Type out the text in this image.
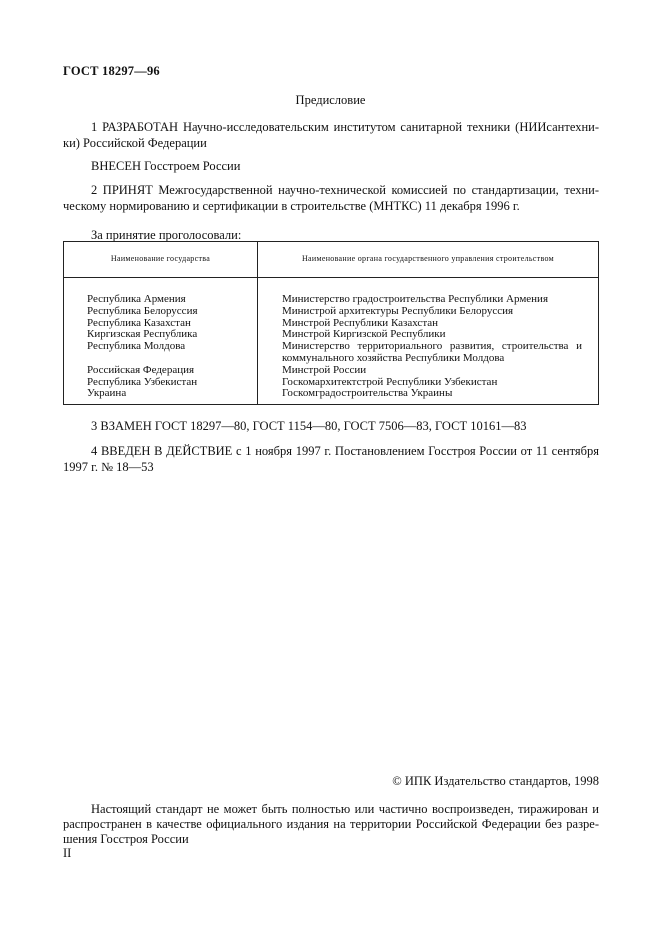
ГОСТ 18297—96
Предисловие
1 РАЗРАБОТАН Научно-исследовательским институтом санитарной техники (НИИсантехни-
ки) Российской Федерации
ВНЕСЕН Госстроем России
2 ПРИНЯТ Межгосударственной научно-технической комиссией по стандартизации, техни-
ческому нормированию и сертификации в строительстве (МНТКС) 11 декабря 1996 г.
За принятие проголосовали:
Наименование государства	Наименование органа государственного управления строительством
Республика Армения
Республика Белоруссия
Республика Казахстан
Киргизская Республика
Республика Молдова
Российская Федерация
Республика Узбекистан
Украина
Министерство градостроительства Республики Армения
Министрой архитектуры Республики Белоруссия
Минстрой Республики Казахстан
Минстрой Киргизской Республики
Министерство территориального развития, строительства и коммунального хозяйства Республики Молдова
Минстрой России
Госкомархитектстрой Республики Узбекистан
Госкомградостроительства Украины
3 ВЗАМЕН ГОСТ 18297—80, ГОСТ 1154—80, ГОСТ 7506—83, ГОСТ 10161—83
4 ВВЕДЕН В ДЕЙСТВИЕ с 1 ноября 1997 г. Постановлением Госстроя России от 11 сентября
1997 г. № 18—53
© ИПК Издательство стандартов, 1998
Настоящий стандарт не может быть полностью или частично воспроизведен, тиражирован и
распространен в качестве официального издания на территории Российской Федерации без разре-
шения Госстроя России
II
